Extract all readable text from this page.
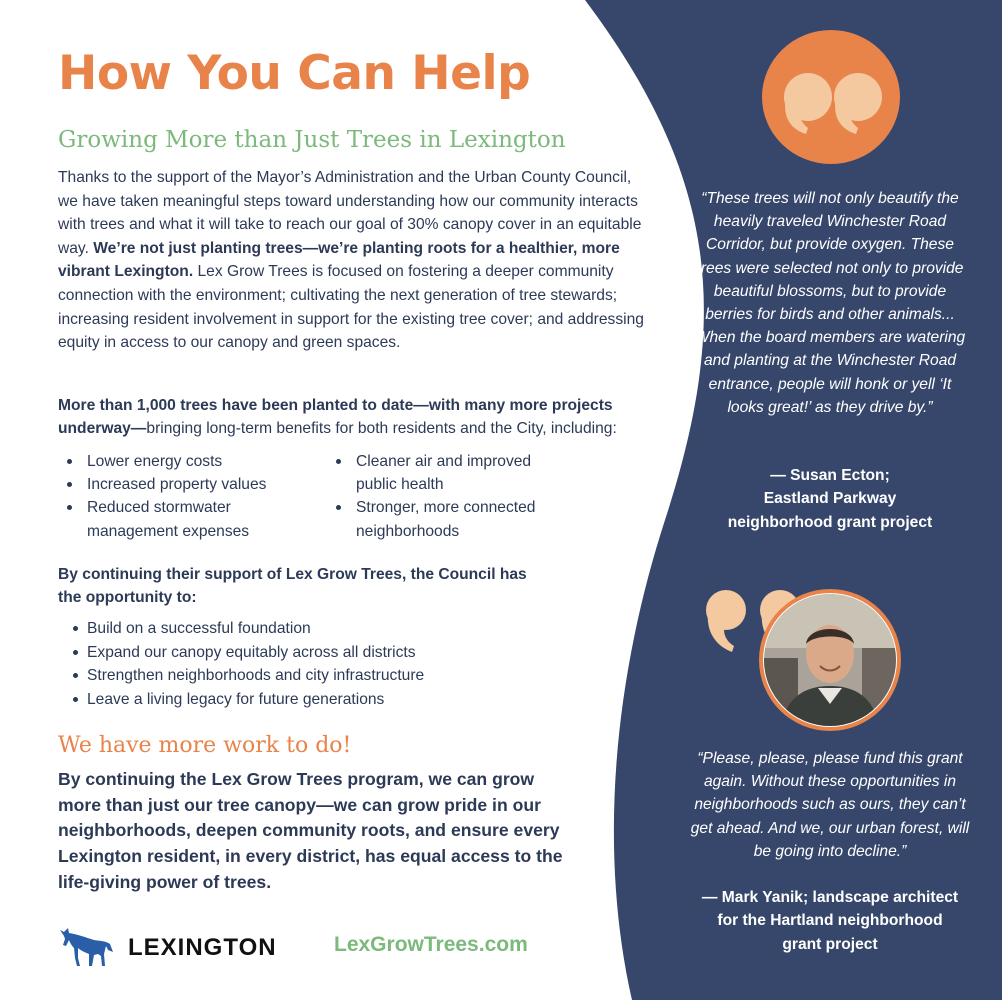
How You Can Help
Growing More than Just Trees in Lexington

Thanks to the support of the Mayor’s Administration and the Urban County Council, we have taken meaningful steps toward understanding how our community interacts with trees and what it will take to reach our goal of 30% canopy cover in an equitable way. We’re not just planting trees—we’re planting roots for a healthier, more vibrant Lexington. Lex Grow Trees is focused on fostering a deeper community connection with the environment; cultivating the next generation of tree stewards; increasing resident involvement in support for the existing tree cover; and addressing equity in access to our canopy and green spaces.

More than 1,000 trees have been planted to date—with many more projects underway—bringing long-term benefits for both residents and the City, including:

Lower energy costs
Increased property values
Reduced stormwater management expenses
Cleaner air and improved public health
Stronger, more connected neighborhoods

By continuing their support of Lex Grow Trees, the Council has the opportunity to:

Build on a successful foundation
Expand our canopy equitably across all districts
Strengthen neighborhoods and city infrastructure
Leave a living legacy for future generations
We have more work to do!

By continuing the Lex Grow Trees program, we can grow more than just our tree canopy—we can grow pride in our neighborhoods, deepen community roots, and ensure every Lexington resident, in every district, has equal access to the life-giving power of trees.

LEXINGTON	LexGrowTrees.com

“These trees will not only beautify the heavily traveled Winchester Road Corridor, but provide oxygen. These trees were selected not only to provide beautiful blossoms, but to provide berries for birds and other animals... When the board members are watering and planting at the Winchester Road entrance, people will honk or yell ‘It looks great!’ as they drive by.”

— Susan Ecton;
Eastland Parkway
neighborhood grant project

“Please, please, please fund this grant again. Without these opportunities in neighborhoods such as ours, they can’t get ahead. And we, our urban forest, will be going into decline.”

— Mark Yanik; landscape architect
for the Hartland neighborhood
grant project
